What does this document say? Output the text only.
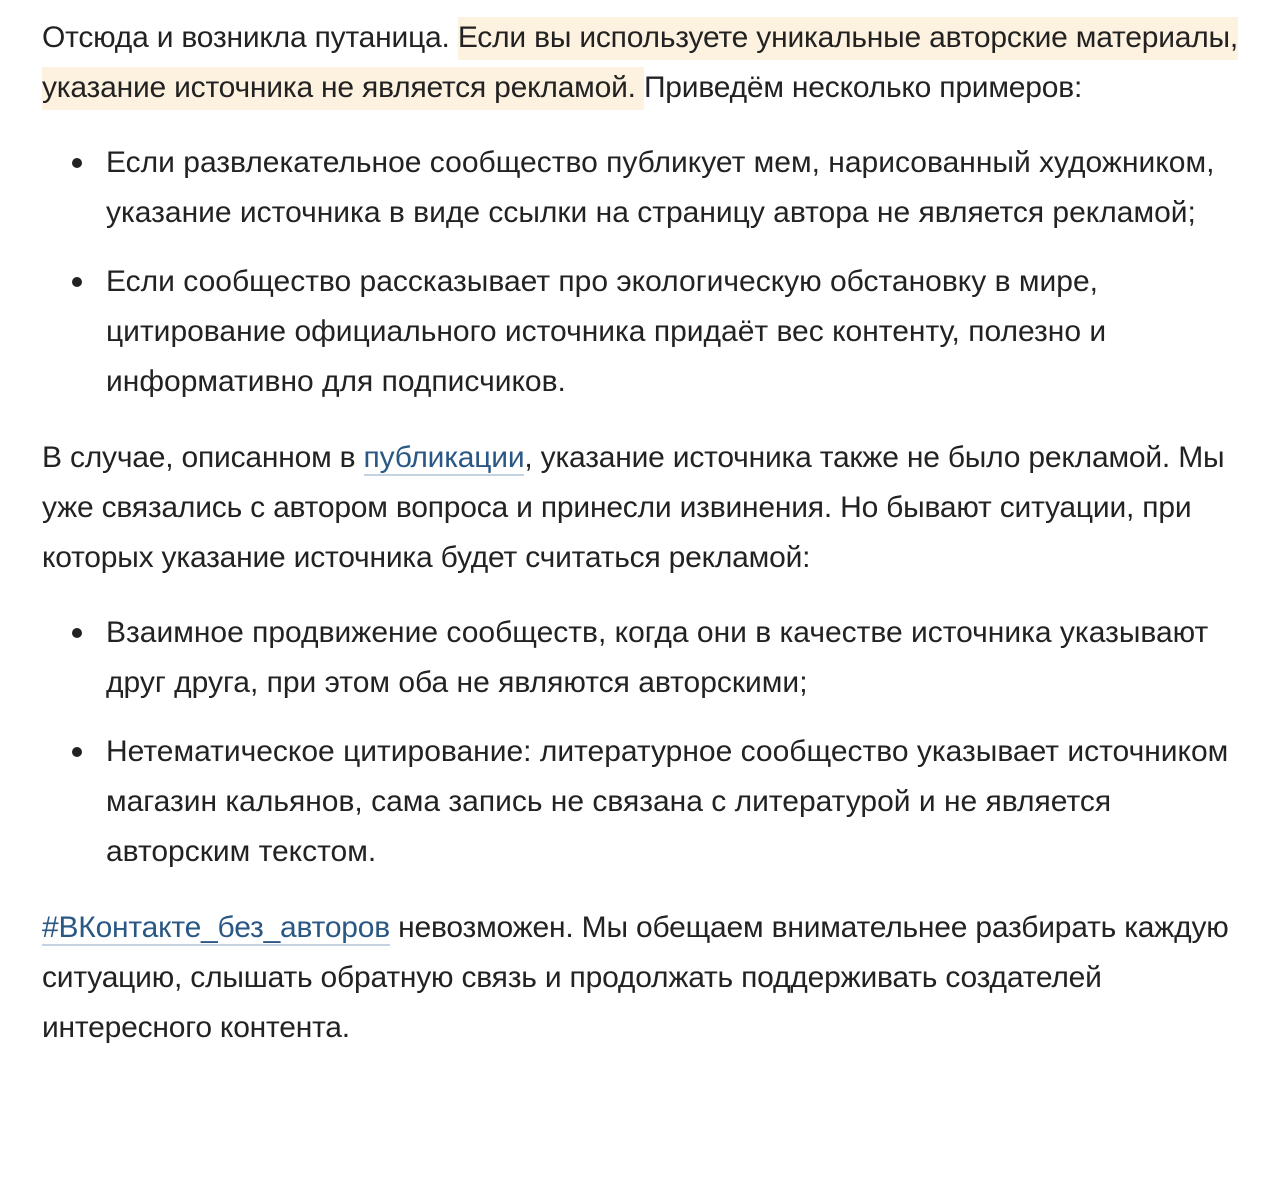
Отсюда и возникла путаница. Если вы используете уникальные авторские материалы, указание источника не является рекламой. Приведём несколько примеров:

Если развлекательное сообщество публикует мем, нарисованный художником, указание источника в виде ссылки на страницу автора не является рекламой;
Если сообщество рассказывает про экологическую обстановку в мире, цитирование официального источника придаёт вес контенту, полезно и информативно для подписчиков.

В случае, описанном в публикации, указание источника также не было рекламой. Мы уже связались с автором вопроса и принесли извинения. Но бывают ситуации, при которых указание источника будет считаться рекламой:

Взаимное продвижение сообществ, когда они в качестве источника указывают друг друга, при этом оба не являются авторскими;
Нетематическое цитирование: литературное сообщество указывает источником магазин кальянов, сама запись не связана с литературой и не является авторским текстом.

#ВКонтакте_без_авторов невозможен. Мы обещаем внимательнее разбирать каждую ситуацию, слышать обратную связь и продолжать поддерживать создателей интересного контента.
